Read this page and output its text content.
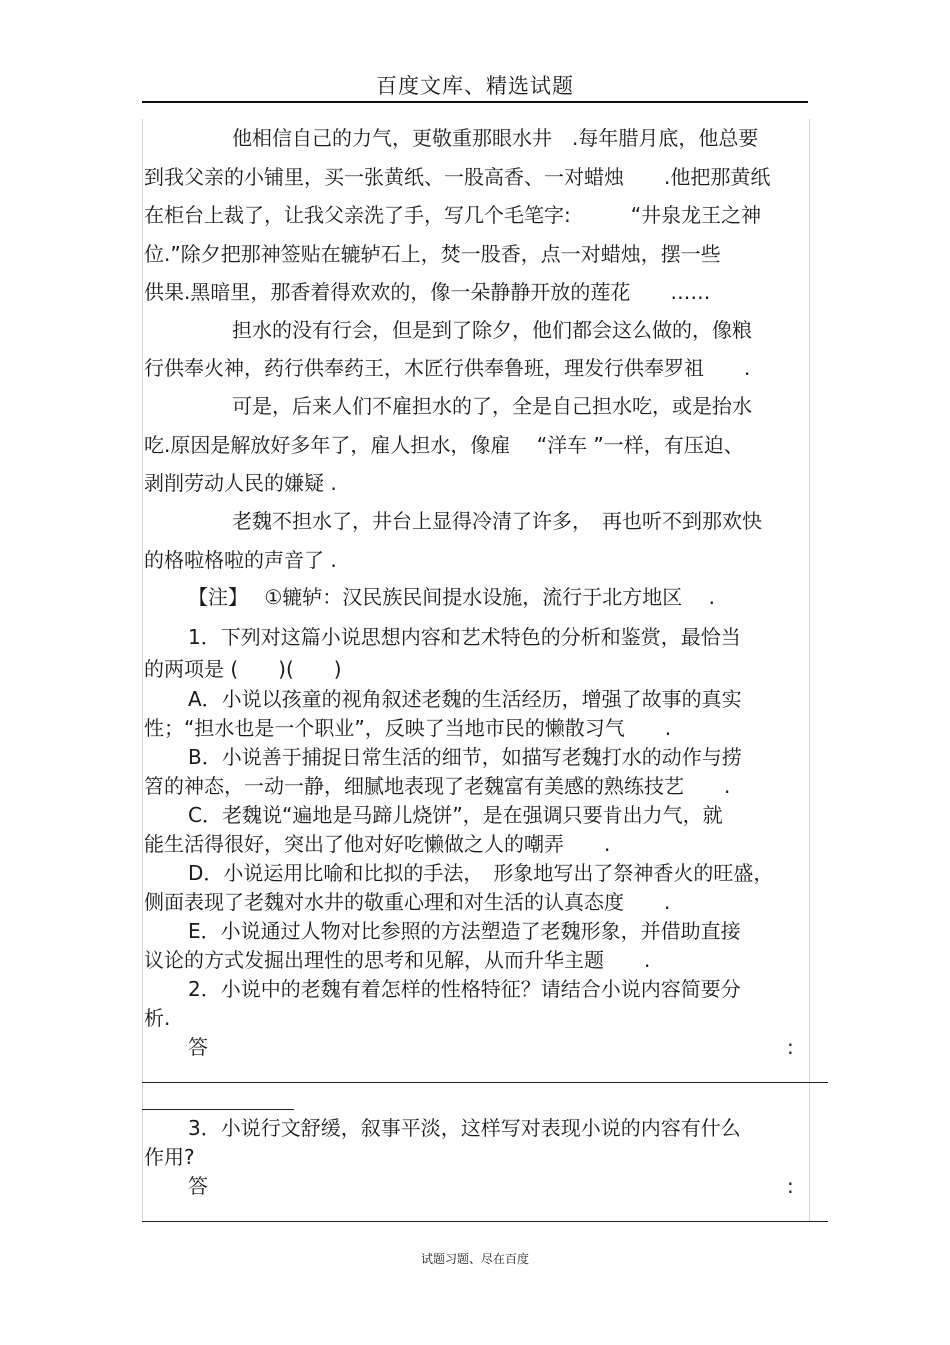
百度文库、精选试题
他相信自己的力气，更敬重那眼水井　.每年腊月底，他总要
到我父亲的小铺里，买一张黄纸、一股高香、一对蜡烛　　.他把那黄纸
在柜台上裁了，让我父亲洗了手，写几个毛笔字:　　　“井泉龙王之神
位.”除夕把那神签贴在辘轳石上，焚一股香，点一对蜡烛，摆一些
供果.黑暗里，那香着得欢欢的，像一朵静静开放的莲花　　……
担水的没有行会，但是到了除夕，他们都会这么做的，像粮
行供奉火神，药行供奉药王，木匠行供奉鲁班，理发行供奉罗祖　　.
可是，后来人们不雇担水的了，全是自己担水吃，或是抬水
吃.原因是解放好多年了，雇人担水，像雇　 “洋车 ”一样，有压迫、
剥削劳动人民的嫌疑 .
老魏不担水了，井台上显得冷清了许多，　再也听不到那欢快
的格啦格啦的声音了 .
【注】　 ①辘轳：汉民族民间提水设施，流行于北方地区　 .
1．下列对这篇小说思想内容和艺术特色的分析和鉴赏，最恰当
的两项是 (　　)(　　)
A．小说以孩童的视角叙述老魏的生活经历，增强了故事的真实
性；“担水也是一个职业”，反映了当地市民的懒散习气　　.
B．小说善于捕捉日常生活的细节，如描写老魏打水的动作与捞
笤的神态，一动一静，细腻地表现了老魏富有美感的熟练技艺　　.
C．老魏说“遍地是马蹄儿烧饼”，是在强调只要肯出力气，就
能生活得很好，突出了他对好吃懒做之人的嘲弄　　.
D．小说运用比喻和比拟的手法，　形象地写出了祭神香火的旺盛，
侧面表现了老魏对水井的敬重心理和对生活的认真态度　　.
E．小说通过人物对比参照的方法塑造了老魏形象，并借助直接
议论的方式发掘出理性的思考和见解，从而升华主题　　.
2．小说中的老魏有着怎样的性格特征？请结合小说内容简要分
析.
答	:
3．小说行文舒缓，叙事平淡，这样写对表现小说的内容有什么
作用?
答	:
试题习题、尽在百度
